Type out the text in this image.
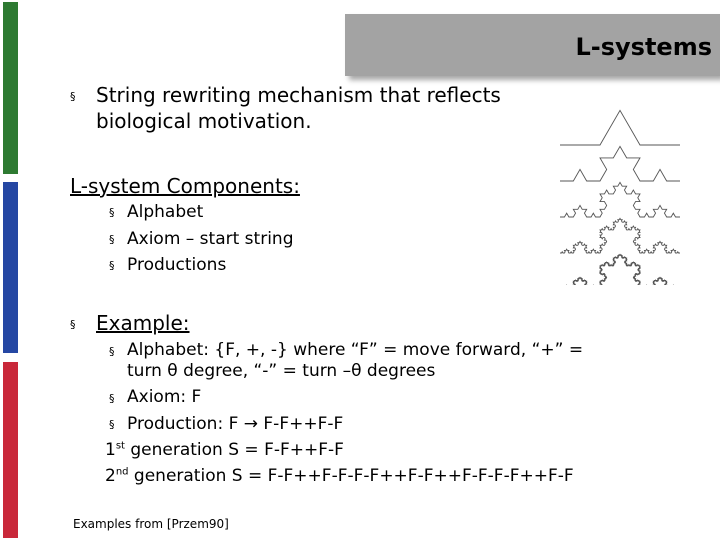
L-systems
§ String rewriting mechanism that reflects
biological motivation.
L-system Components:
§ Alphabet
§ Axiom – start string
§ Productions
§ Example:
§ Alphabet: {F, +, -} where “F” = move forward, “+” =
turn θ degree, “-” = turn –θ degrees
§ Axiom: F
§ Production: F → F-F++F-F
1st generation S = F-F++F-F
2nd generation S = F-F++F-F-F-F++F-F++F-F-F-F++F-F
Examples from [Przem90]
